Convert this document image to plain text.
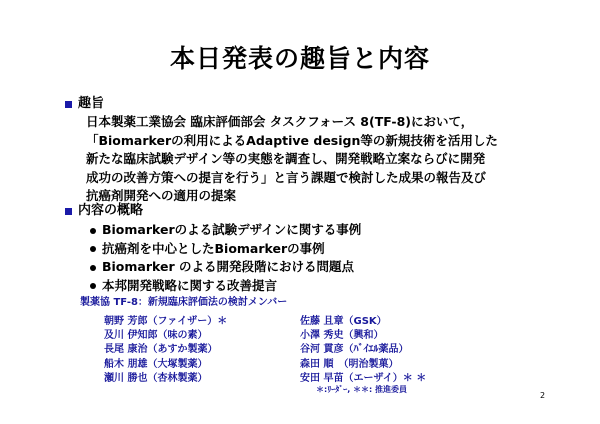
本日発表の趣旨と内容
趣旨
日本製薬工業協会 臨床評価部会 タスクフォース 8(TF-8)において，
「Biomarkerの利用によるAdaptive design等の新規技術を活用した
新たな臨床試験デザイン等の実態を調査し、開発戦略立案ならびに開発
成功の改善方策への提言を行う」と言う課題で検討した成果の報告及び
抗癌剤開発への適用の提案
内容の概略
Biomarkerのよる試験デザインに関する事例
抗癌剤を中心としたBiomarkerの事例
Biomarker のよる開発段階における問題点
本邦開発戦略に関する改善提言
製薬協 TF-8：新規臨床評価法の検討メンバー
朝野 芳郎（ファイザー）＊
及川 伊知郎（味の素）
長尾 康治（あすか製薬）
船木 朋雄（大塚製薬）
瀬川 勝也（杏林製薬）
佐藤 且章（GSK）
小澤 秀史（興和）
谷河 貫彦（ﾊﾞｲｴﾙ薬品）
森田 順　（明治製菓）
安田 早苗（エーザイ）＊ ＊
＊:ﾘｰﾀﾞｰ, ＊＊: 推進委員
2
